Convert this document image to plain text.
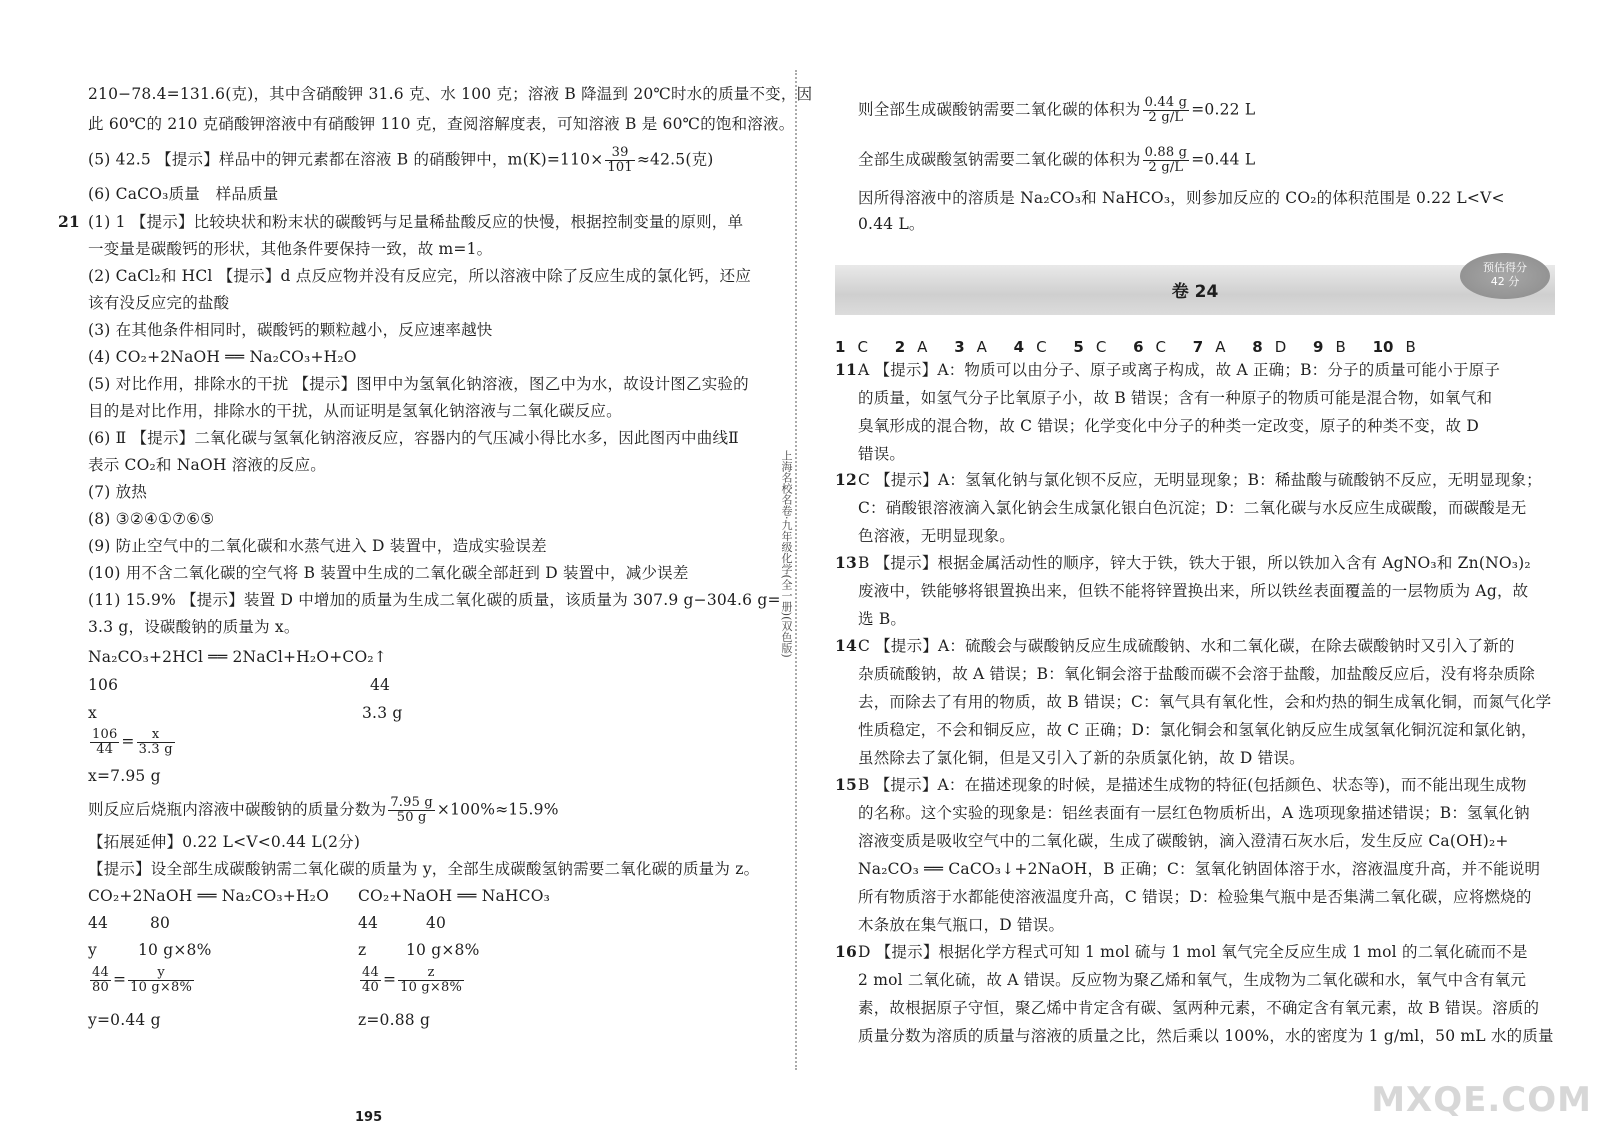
210−78.4=131.6(克)，其中含硝酸钾 31.6 克、水 100 克；溶液 B 降温到 20℃时水的质量不变，因
此 60℃的 210 克硝酸钾溶液中有硝酸钾 110 克，查阅溶解度表，可知溶液 B 是 60℃的饱和溶液。
(5) 42.5 【提示】样品中的钾元素都在溶液 B 的硝酸钾中，$m(K)=110\times \frac{39}{101} \approx 42.5$(克)
(6) CaCO₃质量　样品质量
21 (1) 1 【提示】比较块状和粉末状的碳酸钙与足量稀盐酸反应的快慢，根据控制变量的原则，单
一变量是碳酸钙的形状，其他条件要保持一致，故 m=1。
(2) CaCl₂和 HCl 【提示】d 点反应物并没有反应完，所以溶液中除了反应生成的氯化钙，还应
该有没反应完的盐酸
(3) 在其他条件相同时，碳酸钙的颗粒越小，反应速率越快
(4) CO₂+2NaOH ══ Na₂CO₃+H₂O
(5) 对比作用，排除水的干扰 【提示】图甲中为氢氧化钠溶液，图乙中为水，故设计图乙实验的
目的是对比作用，排除水的干扰，从而证明是氢氧化钠溶液与二氧化碳反应。
(6) Ⅱ 【提示】二氧化碳与氢氧化钠溶液反应，容器内的气压减小得比水多，因此图丙中曲线Ⅱ
表示 CO₂和 NaOH 溶液的反应。
(7) 放热
(8) ③②④①⑦⑥⑤
(9) 防止空气中的二氧化碳和水蒸气进入 D 装置中，造成实验误差
(10) 用不含二氧化碳的空气将 B 装置中生成的二氧化碳全部赶到 D 装置中，减少误差
(11) 15.9% 【提示】装置 D 中增加的质量为生成二氧化碳的质量，该质量为 307.9 g−304.6 g=
3.3 g，设碳酸钠的质量为 x。
Na₂CO₃+2HCl ══ 2NaCl+H₂O+CO₂↑
106	44
x	3.3 g
$\frac{106}{44} = \frac{x}{3.3 g}$
x=7.95 g
则反应后烧瓶内溶液中碳酸钠的质量分数为 $\frac{7.95 g}{50 g} \times 100\%\approx 15.9\%$
【拓展延伸】0.22 L<V<0.44 L(2分)
【提示】设全部生成碳酸钠需二氧化碳的质量为 y，全部生成碳酸氢钠需要二氧化碳的质量为 z。
CO₂+2NaOH ══ Na₂CO₃+H₂O CO₂+NaOH ══ NaHCO₃
44	80	44	40
y	10 g×8%	z	10 g×8%
$\frac{44}{80} = \frac{y}{10 g\times 8\%}$	$\frac{44}{40} = \frac{z}{10 g\times 8\%}$
y=0.44 g	z=0.88 g
195
上海名校名卷·九年级化学(全一册)(双色版)
则全部生成碳酸钠需要二氧化碳的体积为 $\frac{0.44 g}{2 g/L} =0.22$ L
全部生成碳酸氢钠需要二氧化碳的体积为 $\frac{0.88 g}{2 g/L} =0.44$ L
因所得溶液中的溶质是 Na₂CO₃和 NaHCO₃，则参加反应的 CO₂的体积范围是 0.22 L<V<
0.44 L。
卷 24
预估得分
42 分
1 C 2 A 3 A 4 C 5 C 6 C 7 A 8 D 9 B 10 B
11 A 【提示】A：物质可以由分子、原子或离子构成，故 A 正确；B：分子的质量可能小于原子
的质量，如氢气分子比氧原子小，故 B 错误；含有一种原子的物质可能是混合物，如氧气和
臭氧形成的混合物，故 C 错误；化学变化中分子的种类一定改变，原子的种类不变，故 D
错误。
12 C 【提示】A：氢氧化钠与氯化钡不反应，无明显现象；B：稀盐酸与硫酸钠不反应，无明显现象；
C：硝酸银溶液滴入氯化钠会生成氯化银白色沉淀；D：二氧化碳与水反应生成碳酸，而碳酸是无
色溶液，无明显现象。
13 B 【提示】根据金属活动性的顺序，锌大于铁，铁大于银，所以铁加入含有 AgNO₃和 Zn(NO₃)₂
废液中，铁能够将银置换出来，但铁不能将锌置换出来，所以铁丝表面覆盖的一层物质为 Ag，故
选 B。
14 C 【提示】A：硫酸会与碳酸钠反应生成硫酸钠、水和二氧化碳，在除去碳酸钠时又引入了新的
杂质硫酸钠，故 A 错误；B：氧化铜会溶于盐酸而碳不会溶于盐酸，加盐酸反应后，没有将杂质除
去，而除去了有用的物质，故 B 错误；C：氧气具有氧化性，会和灼热的铜生成氧化铜，而氮气化学
性质稳定，不会和铜反应，故 C 正确；D：氯化铜会和氢氧化钠反应生成氢氧化铜沉淀和氯化钠，
虽然除去了氯化铜，但是又引入了新的杂质氯化钠，故 D 错误。
15 B 【提示】A：在描述现象的时候，是描述生成物的特征(包括颜色、状态等)，而不能出现生成物
的名称。这个实验的现象是：铝丝表面有一层红色物质析出，A 选项现象描述错误；B：氢氧化钠
溶液变质是吸收空气中的二氧化碳，生成了碳酸钠，滴入澄清石灰水后，发生反应 Ca(OH)₂+
Na₂CO₃ ══ CaCO₃↓+2NaOH，B 正确；C：氢氧化钠固体溶于水，溶液温度升高，并不能说明
所有物质溶于水都能使溶液温度升高，C 错误；D：检验集气瓶中是否集满二氧化碳，应将燃烧的
木条放在集气瓶口，D 错误。
16 D 【提示】根据化学方程式可知 1 mol 硫与 1 mol 氧气完全反应生成 1 mol 的二氧化硫而不是
2 mol 二氧化硫，故 A 错误。反应物为聚乙烯和氧气，生成物为二氧化碳和水，氧气中含有氧元
素，故根据原子守恒，聚乙烯中肯定含有碳、氢两种元素，不确定含有氧元素，故 B 错误。溶质的
质量分数为溶质的质量与溶液的质量之比，然后乘以 100%，水的密度为 1 g/ml，50 mL 水的质量
MXQE.COM
